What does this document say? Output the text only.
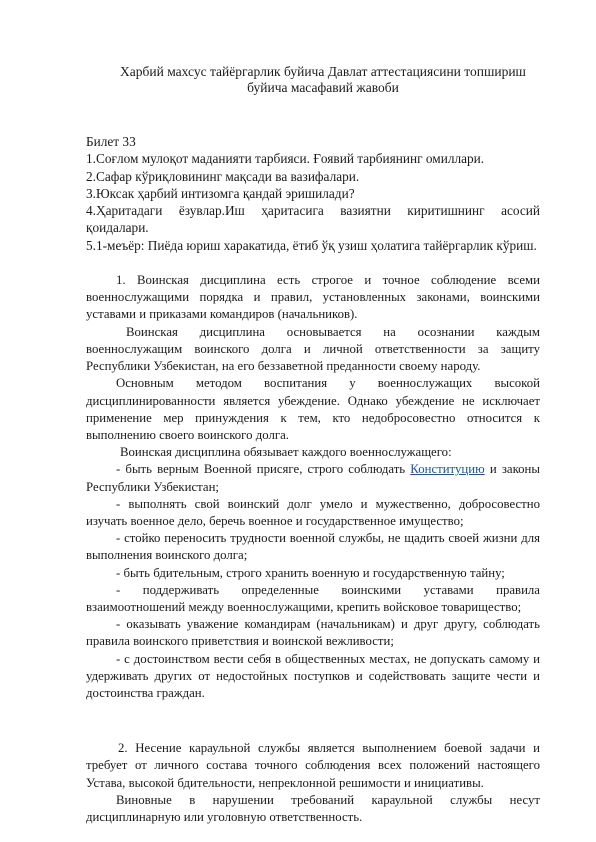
Харбий махсус тайёргарлик буйича Давлат аттестациясини топшириш
буйича масафавий жавоби
Билет 33
1.Соғлом мулоқот маданияти тарбияси. Ғоявий тарбиянинг омиллари.
2.Сафар кўриқловининг мақсади ва вазифалари.
3.Юксак ҳарбий интизомга қандай эришилади?
4.Ҳаритадаги ёзувлар.Иш ҳаритасига вазиятни киритишнинг асосий
қоидалари.
5.1-меъёр: Пиёда юриш харакатида, ётиб ўқ узиш ҳолатига тайёргарлик кўриш.

1. Воинская дисциплина есть строгое и точное соблюдение всеми военнослужащими порядка и правил, установленных законами, воинскими уставами и приказами командиров (начальников).

Воинская дисциплина основывается на осознании каждым военнослужащим воинского долга и личной ответственности за защиту Республики Узбекистан, на его беззаветной преданности своему народу.

Основным методом воспитания у военнослужащих высокой дисциплинированности является убеждение. Однако убеждение не исключает применение мер принуждения к тем, кто недобросовестно относится к выполнению своего воинского долга.

Воинская дисциплина обязывает каждого военнослужащего:

- быть верным Военной присяге, строго соблюдать Конституцию и законы Республики Узбекистан;

- выполнять свой воинский долг умело и мужественно, добросовестно изучать военное дело, беречь военное и государственное имущество;

- стойко переносить трудности военной службы, не щадить своей жизни для выполнения воинского долга;

- быть бдительным, строго хранить военную и государственную тайну;

- поддерживать определенные воинскими уставами правила взаимоотношений между военнослужащими, крепить войсковое товарищество;

- оказывать уважение командирам (начальникам) и друг другу, соблюдать правила воинского приветствия и воинской вежливости;

- с достоинством вести себя в общественных местах, не допускать самому и удерживать других от недостойных поступков и содействовать защите чести и достоинства граждан.

2. Несение караульной службы является выполнением боевой задачи и требует от личного состава точного соблюдения всех положений настоящего Устава, высокой бдительности, непреклонной решимости и инициативы.

Виновные в нарушении требований караульной службы несут дисциплинарную или уголовную ответственность.
